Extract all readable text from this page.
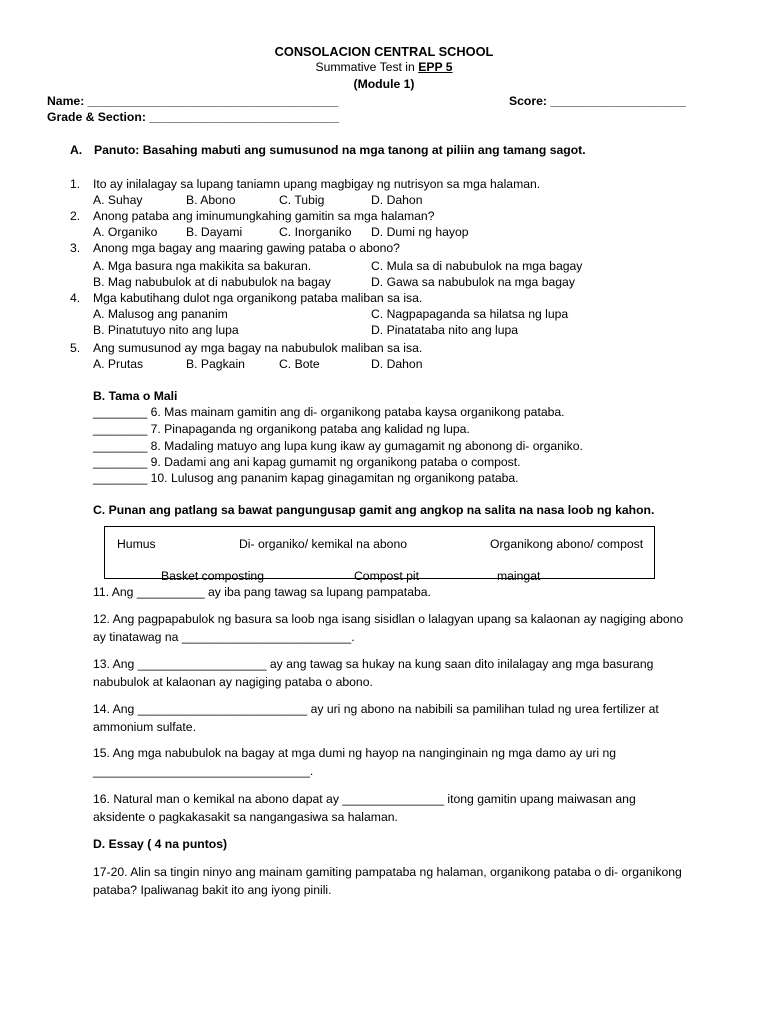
CONSOLACION CENTRAL SCHOOL
Summative Test in EPP 5
(Module 1)
Name: _____________________________________	Score: ____________________
Grade & Section: ____________________________
A. Panuto: Basahing mabuti ang sumusunod na mga tanong at piliin ang tamang sagot.
1. Ito ay inilalagay sa lupang taniamn upang magbigay ng nutrisyon sa mga halaman.
A. Suhay	B. Abono	C. Tubig	D. Dahon
2. Anong pataba ang iminumungkahing gamitin sa mga halaman?
A. Organiko B. Dayami	C. Inorganiko D. Dumi ng hayop
3. Anong mga bagay ang maaring gawing pataba o abono?
A. Mga basura nga makikita sa bakuran.	C. Mula sa di nabubulok na mga bagay
B. Mag nabubulok at di nabubulok na bagay	D. Gawa sa nabubulok na mga bagay
4. Mga kabutihang dulot nga organikong pataba maliban sa isa.
A. Malusog ang pananim	C. Nagpapaganda sa hilatsa ng lupa
B. Pinatutuyo nito ang lupa	D. Pinatataba nito ang lupa
5. Ang sumusunod ay mga bagay na nabubulok maliban sa isa.
A. Prutas	B. Pagkain	C. Bote	D. Dahon
B. Tama o Mali
________ 6. Mas mainam gamitin ang di- organikong pataba kaysa organikong pataba.
________ 7. Pinapaganda ng organikong pataba ang kalidad ng lupa.
________ 8. Madaling matuyo ang lupa kung ikaw ay gumagamit ng abonong di- organiko.
________ 9. Dadami ang ani kapag gumamit ng organikong pataba o compost.
________ 10. Lulusog ang pananim kapag ginagamitan ng organikong pataba.
C. Punan ang patlang sa bawat pangungusap gamit ang angkop na salita na nasa loob ng kahon.
Humus	Di- organiko/ kemikal na abono	Organikong abono/ compost
Basket composting	Compost pit	maingat
11. Ang __________ ay iba pang tawag sa lupang pampataba.
12. Ang pagpapabulok ng basura sa loob nga isang sisidlan o lalagyan upang sa kalaonan ay nagiging abono
ay tinatawag na _________________________.
13. Ang ___________________ ay ang tawag sa hukay na kung saan dito inilalagay ang mga basurang
nabubulok at kalaonan ay nagiging pataba o abono.
14. Ang _________________________ ay uri ng abono na nabibili sa pamilihan tulad ng urea fertilizer at
ammonium sulfate.
15. Ang mga nabubulok na bagay at mga dumi ng hayop na nanginginain ng mga damo ay uri ng
________________________________.
16. Natural man o kemikal na abono dapat ay _______________ itong gamitin upang maiwasan ang
aksidente o pagkakasakit sa nangangasiwa sa halaman.
D. Essay ( 4 na puntos)
17-20. Alin sa tingin ninyo ang mainam gamiting pampataba ng halaman, organikong pataba o di- organikong
pataba? Ipaliwanag bakit ito ang iyong pinili.
